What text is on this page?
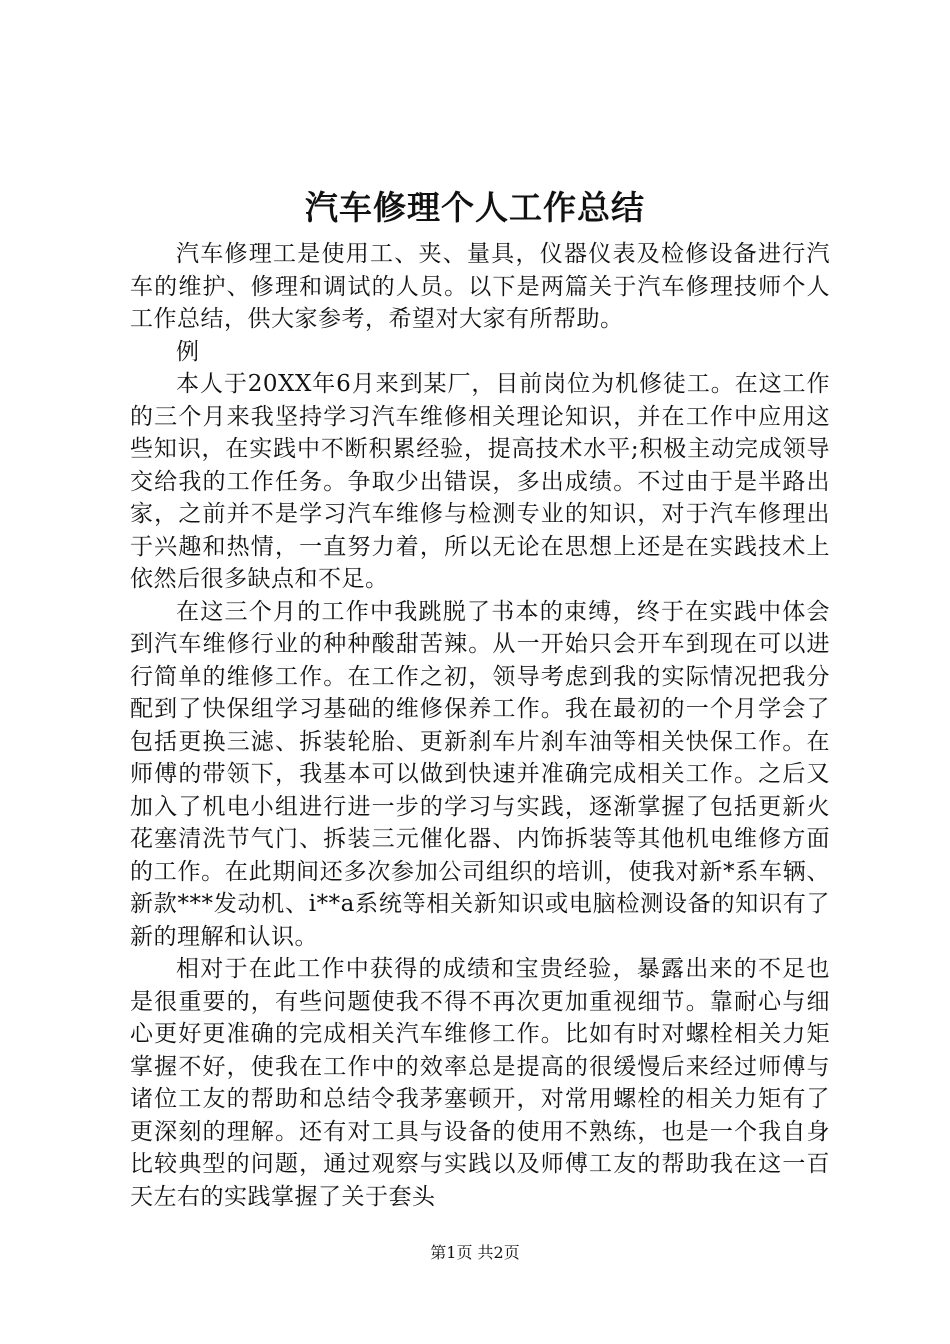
汽车修理个人工作总结

汽车修理工是使用工、夹、量具，仪器仪表及检修设备进行汽车的维护、修理和调试的人员。以下是两篇关于汽车修理技师个人工作总结，供大家参考，希望对大家有所帮助。

例

本人于20XX年6月来到某厂，目前岗位为机修徒工。在这工作的三个月来我坚持学习汽车维修相关理论知识，并在工作中应用这些知识，在实践中不断积累经验，提高技术水平;积极主动完成领导交给我的工作任务。争取少出错误，多出成绩。不过由于是半路出家，之前并不是学习汽车维修与检测专业的知识，对于汽车修理出于兴趣和热情，一直努力着，所以无论在思想上还是在实践技术上依然后很多缺点和不足。

在这三个月的工作中我跳脱了书本的束缚，终于在实践中体会到汽车维修行业的种种酸甜苦辣。从一开始只会开车到现在可以进行简单的维修工作。在工作之初，领导考虑到我的实际情况把我分配到了快保组学习基础的维修保养工作。我在最初的一个月学会了包括更换三滤、拆装轮胎、更新刹车片刹车油等相关快保工作。在师傅的带领下，我基本可以做到快速并准确完成相关工作。之后又加入了机电小组进行进一步的学习与实践，逐渐掌握了包括更新火花塞清洗节气门、拆装三元催化器、内饰拆装等其他机电维修方面的工作。在此期间还多次参加公司组织的培训，使我对新*系车辆、新款***发动机、i**a系统等相关新知识或电脑检测设备的知识有了新的理解和认识。

相对于在此工作中获得的成绩和宝贵经验，暴露出来的不足也是很重要的，有些问题使我不得不再次更加重视细节。靠耐心与细心更好更准确的完成相关汽车维修工作。比如有时对螺栓相关力矩掌握不好，使我在工作中的效率总是提高的很缓慢后来经过师傅与诸位工友的帮助和总结令我茅塞顿开，对常用螺栓的相关力矩有了更深刻的理解。还有对工具与设备的使用不熟练，也是一个我自身比较典型的问题，通过观察与实践以及师傅工友的帮助我在这一百天左右的实践掌握了关于套头

第1页 共2页
